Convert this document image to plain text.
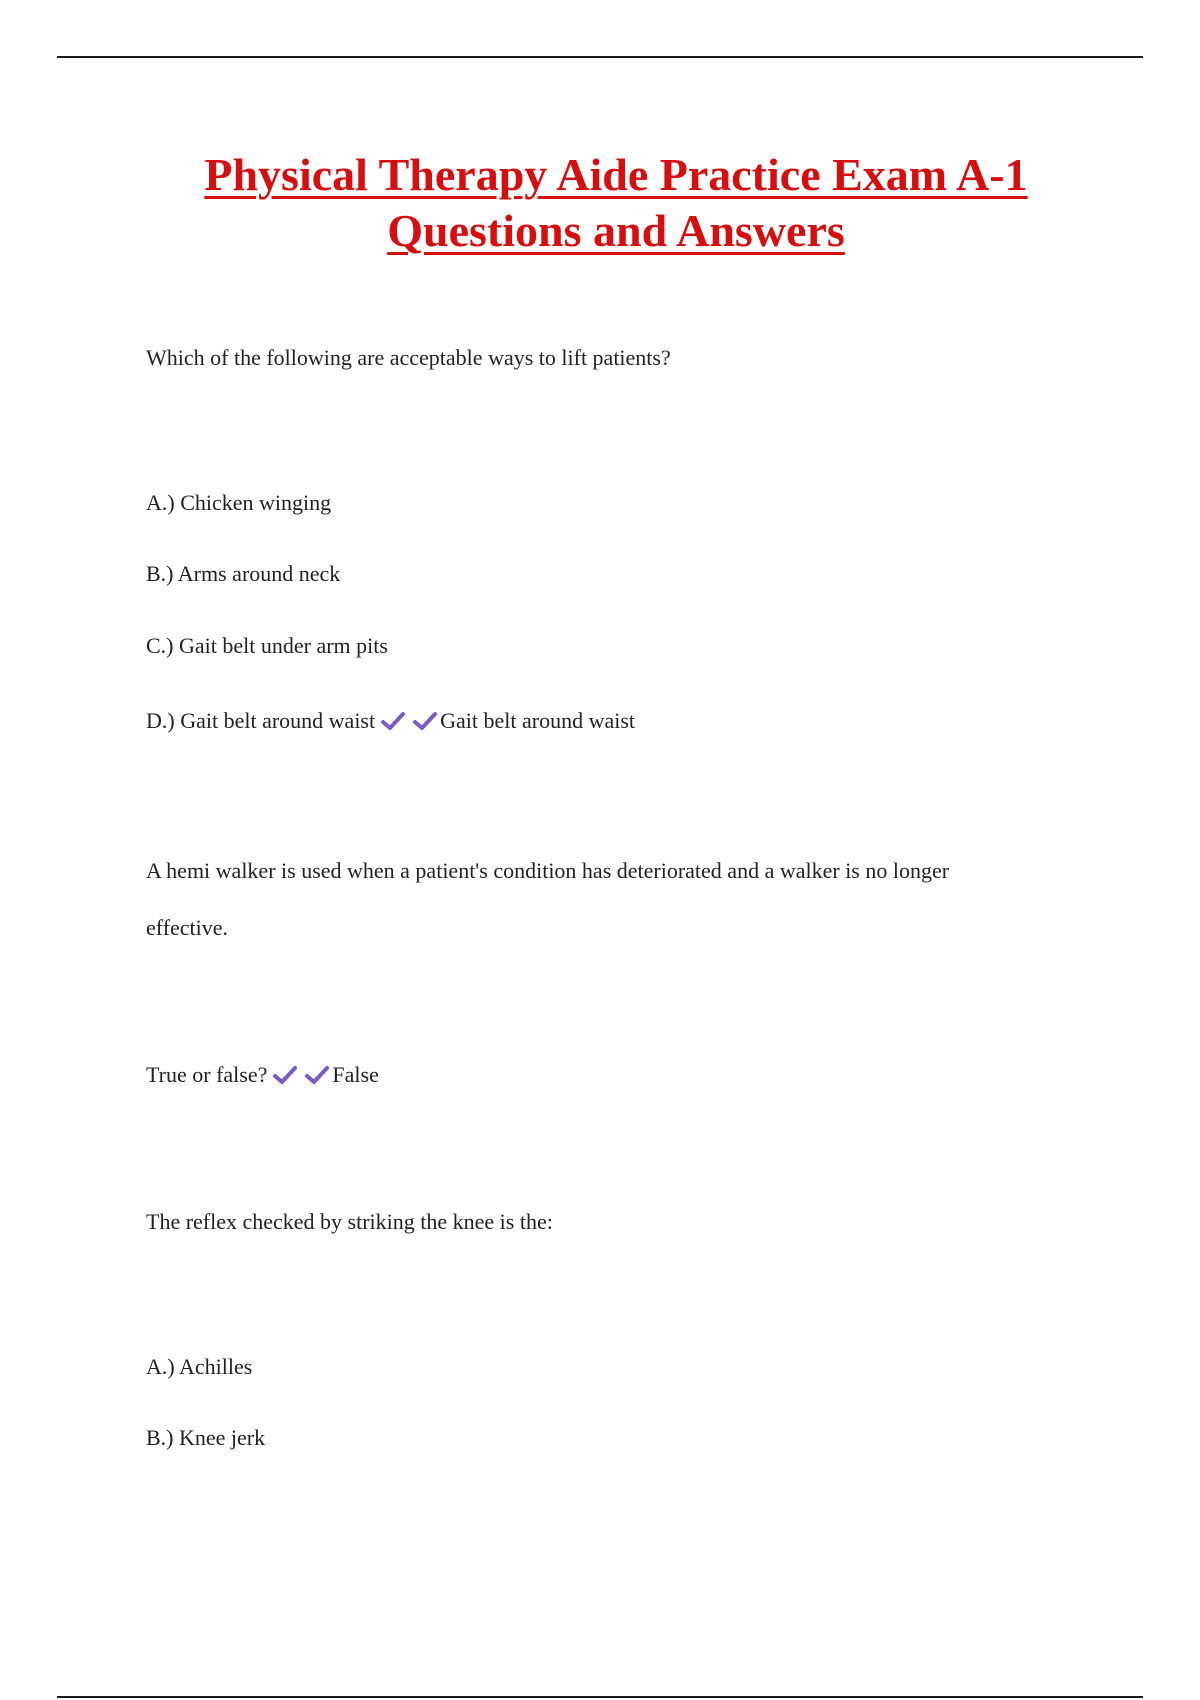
Physical Therapy Aide Practice Exam A-1
Questions and Answers
Which of the following are acceptable ways to lift patients?
A.) Chicken winging
B.) Arms around neck
C.) Gait belt under arm pits
D.) Gait belt around waist	Gait belt around waist
A hemi walker is used when a patient's condition has deteriorated and a walker is no longer
effective.
True or false?	False
The reflex checked by striking the knee is the:
A.) Achilles
B.) Knee jerk
